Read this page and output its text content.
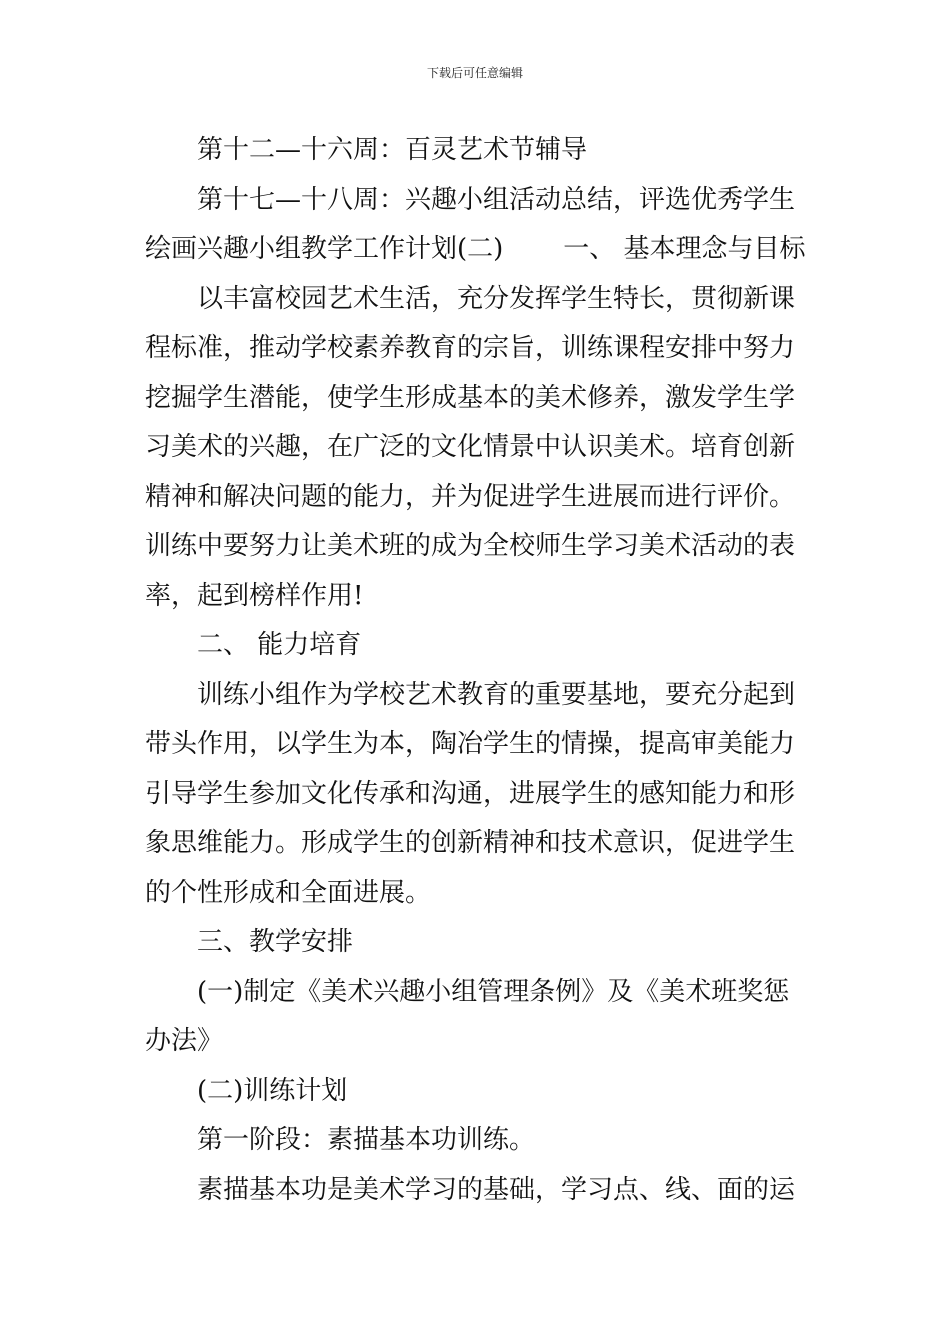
下载后可任意编辑

第十二—十六周：百灵艺术节辅导

第十七—十八周：兴趣小组活动总结，评选优秀学生

绘画兴趣小组教学工作计划(二) 一、 基本理念与目标

以丰富校园艺术生活，充分发挥学生特长，贯彻新课

程标准，推动学校素养教育的宗旨，训练课程安排中努力

挖掘学生潜能，使学生形成基本的美术修养，激发学生学

习美术的兴趣，在广泛的文化情景中认识美术。培育创新

精神和解决问题的能力，并为促进学生进展而进行评价。

训练中要努力让美术班的成为全校师生学习美术活动的表

率，起到榜样作用!

二、 能力培育

训练小组作为学校艺术教育的重要基地，要充分起到

带头作用，以学生为本，陶冶学生的情操，提高审美能力

引导学生参加文化传承和沟通，进展学生的感知能力和形

象思维能力。形成学生的创新精神和技术意识，促进学生

的个性形成和全面进展。

三、教学安排

(一)制定《美术兴趣小组管理条例》及《美术班奖惩

办法》

(二)训练计划

第一阶段：素描基本功训练。

素描基本功是美术学习的基础，学习点、线、面的运
